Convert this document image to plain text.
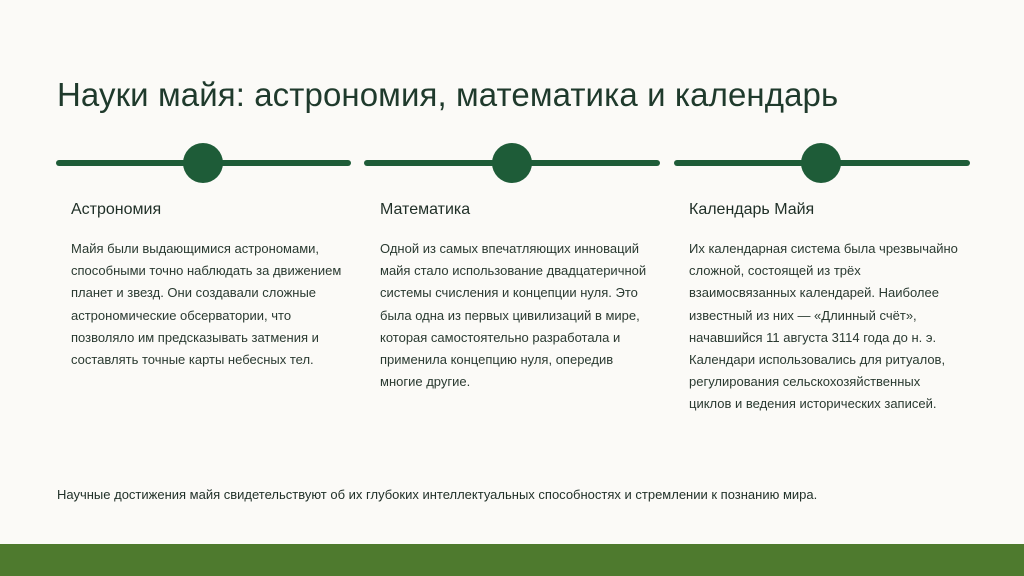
Науки майя: астрономия, математика и календарь
Астрономия

Майя были выдающимися астрономами, способными точно наблюдать за движением планет и звезд. Они создавали сложные астрономические обсерватории, что позволяло им предсказывать затмения и составлять точные карты небесных тел.

Математика

Одной из самых впечатляющих инноваций майя стало использование двадцатеричной системы счисления и концепции нуля. Это была одна из первых цивилизаций в мире, которая самостоятельно разработала и применила концепцию нуля, опередив многие другие.

Календарь Майя

Их календарная система была чрезвычайно сложной, состоящей из трёх взаимосвязанных календарей. Наиболее известный из них — «Длинный счёт», начавшийся 11 августа 3114 года до н. э. Календари использовались для ритуалов, регулирования сельскохозяйственных циклов и ведения исторических записей.

Научные достижения майя свидетельствуют об их глубоких интеллектуальных способностях и стремлении к познанию мира.
